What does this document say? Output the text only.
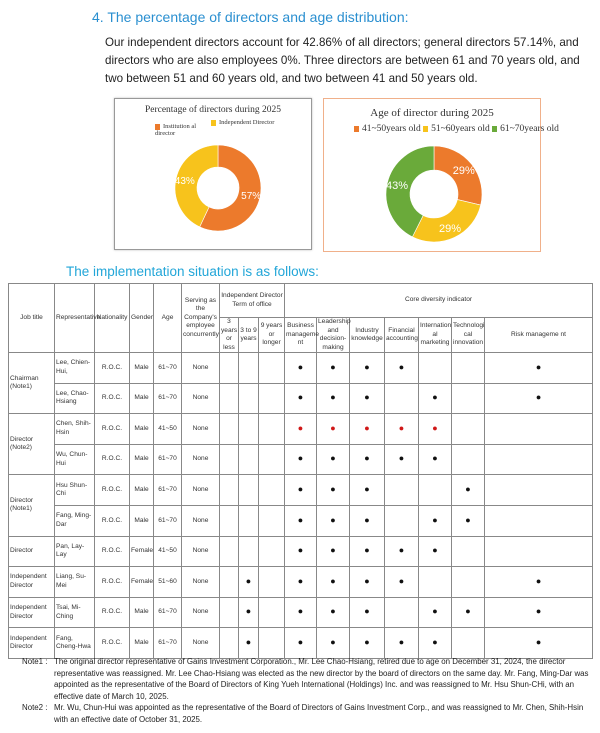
4. The percentage of directors and age distribution:
Our independent directors account for 42.86% of all directors; general directors 57.14%, and directors who are also employees 0%. Three directors are between 61 and 70 years old, and two between 51 and 60 years old, and two between 41 and 50 years old.
Percentage of directors during 2025
Institution al director
Independent Director
57%
43%
Age of director during 2025
41~50years old 51~60years old 61~70years old
29%
29%
43%
The implementation situation is as follows:
Job title	Representative	Nationality	Gender	Age	Serving as the Company's employee concurrently	Independent Director Term of office			Core diversity indicator						
						3 years or less	3 to 9 years	9 years or longer	Business manageme nt	Leadership and decision-making	Industry knowledge	Financial accounting	Internation al marketing	Technologi cal innovation	Risk manageme nt
Chairman (Note1)	Lee, Chien-Hui,	R.O.C.	Male	61~70	None				●	●	●	●			●
	Lee, Chao-Hsiang	R.O.C.	Male	61~70	None				●	●	●		●		●
Director (Note2)	Chen, Shih-Hsin	R.O.C.	Male	41~50	None				●	●	●	●	●		
	Wu, Chun-Hui	R.O.C.	Male	61~70	None				●	●	●	●	●		
Director (Note1)	Hsu Shun-Chi	R.O.C.	Male	61~70	None				●	●	●			●	
	Fang, Ming-Dar	R.O.C.	Male	61~70	None				●	●	●		●	●	
Director	Pan, Lay-Lay	R.O.C.	Female	41~50	None				●	●	●	●	●		
Independent Director	Liang, Su-Mei	R.O.C.	Female	51~60	None		●		●	●	●	●			●
Independent Director	Tsai, Mi-Ching	R.O.C.	Male	61~70	None		●		●	●	●		●	●	●
Independent Director	Fang, Cheng-Hwa	R.O.C.	Male	61~70	None		●		●	●	●	●	●		●
Note1 : The original director representative of Gains Investment Corporation., Mr. Lee Chao-Hsiang, retired due to age on December 31, 2024, the director representative was reassigned. Mr. Lee Chao-Hsiang was elected as the new director by the board of directors on the same day. Mr. Fang, Ming-Dar was appointed as the representative of the Board of Directors of King Yueh International (Holdings) Inc. and was reassigned to Mr. Hsu Shun-CHi, with an effective date of March 10, 2025.
Note2 : Mr. Wu, Chun-Hui was appointed as the representative of the Board of Directors of Gains Investment Corp., and was reassigned to Mr. Chen, Shih-Hsin with an effective date of October 31, 2025.
